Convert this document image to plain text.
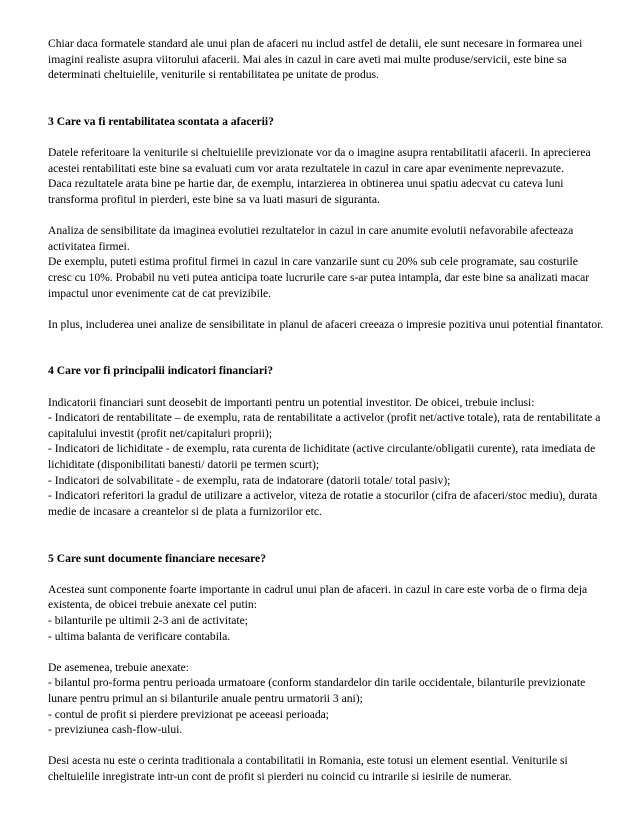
Chiar daca formatele standard ale unui plan de afaceri nu includ astfel de detalii, ele sunt necesare in formarea unei imagini realiste asupra viitorului afacerii. Mai ales in cazul in care aveti mai multe produse/servicii, este bine sa determinati cheltuielile, veniturile si rentabilitatea pe unitate de produs.

3 Care va fi rentabilitatea scontata a afacerii?

Datele referitoare la veniturile si cheltuielile previzionate vor da o imagine asupra rentabilitatii afacerii. In aprecierea acestei rentabilitati este bine sa evaluati cum vor arata rezultatele in cazul in care apar evenimente neprevazute.

Daca rezultatele arata bine pe hartie dar, de exemplu, intarzierea in obtinerea unui spatiu adecvat cu cateva luni transforma profitul in pierderi, este bine sa va luati masuri de siguranta.

Analiza de sensibilitate da imaginea evolutiei rezultatelor in cazul in care anumite evolutii nefavorabile afecteaza activitatea firmei.

De exemplu, puteti estima profitul firmei in cazul in care vanzarile sunt cu 20% sub cele programate, sau costurile cresc cu 10%. Probabil nu veti putea anticipa toate lucrurile care s-ar putea intampla, dar este bine sa analizati macar impactul unor evenimente cat de cat previzibile.

In plus, includerea unei analize de sensibilitate in planul de afaceri creeaza o impresie pozitiva unui potential finantator.

4 Care vor fi principalii indicatori financiari?

Indicatorii financiari sunt deosebit de importanti pentru un potential investitor. De obicei, trebuie inclusi:

- Indicatori de rentabilitate – de exemplu, rata de rentabilitate a activelor (profit net/active totale), rata de rentabilitate a capitalului investit (profit net/capitaluri proprii);

- Indicatori de lichiditate - de exemplu, rata curenta de lichiditate (active circulante/obligatii curente), rata imediata de lichiditate (disponibilitati banesti/ datorii pe termen scurt);

- Indicatori de solvabilitate - de exemplu, rata de indatorare (datorii totale/ total pasiv);

- Indicatori referitori la gradul de utilizare a activelor, viteza de rotatie a stocurilor (cifra de afaceri/stoc mediu), durata medie de incasare a creantelor si de plata a furnizorilor etc.

5 Care sunt documente financiare necesare?

Acestea sunt componente foarte importante in cadrul unui plan de afaceri. in cazul in care este vorba de o firma deja existenta, de obicei trebuie anexate cel putin:

- bilanturile pe ultimii 2-3 ani de activitate;

- ultima balanta de verificare contabila.

De asemenea, trebuie anexate:

- bilantul pro-forma pentru perioada urmatoare (conform standardelor din tarile occidentale, bilanturile previzionate lunare pentru primul an si bilanturile anuale pentru urmatorii 3 ani);

- contul de profit si pierdere previzionat pe aceeasi perioada;

- previziunea cash-flow-ului.

Desi acesta nu este o cerinta traditionala a contabilitatii in Romania, este totusi un element esential. Veniturile si cheltuielile inregistrate intr-un cont de profit si pierderi nu coincid cu intrarile si iesirile de numerar.
